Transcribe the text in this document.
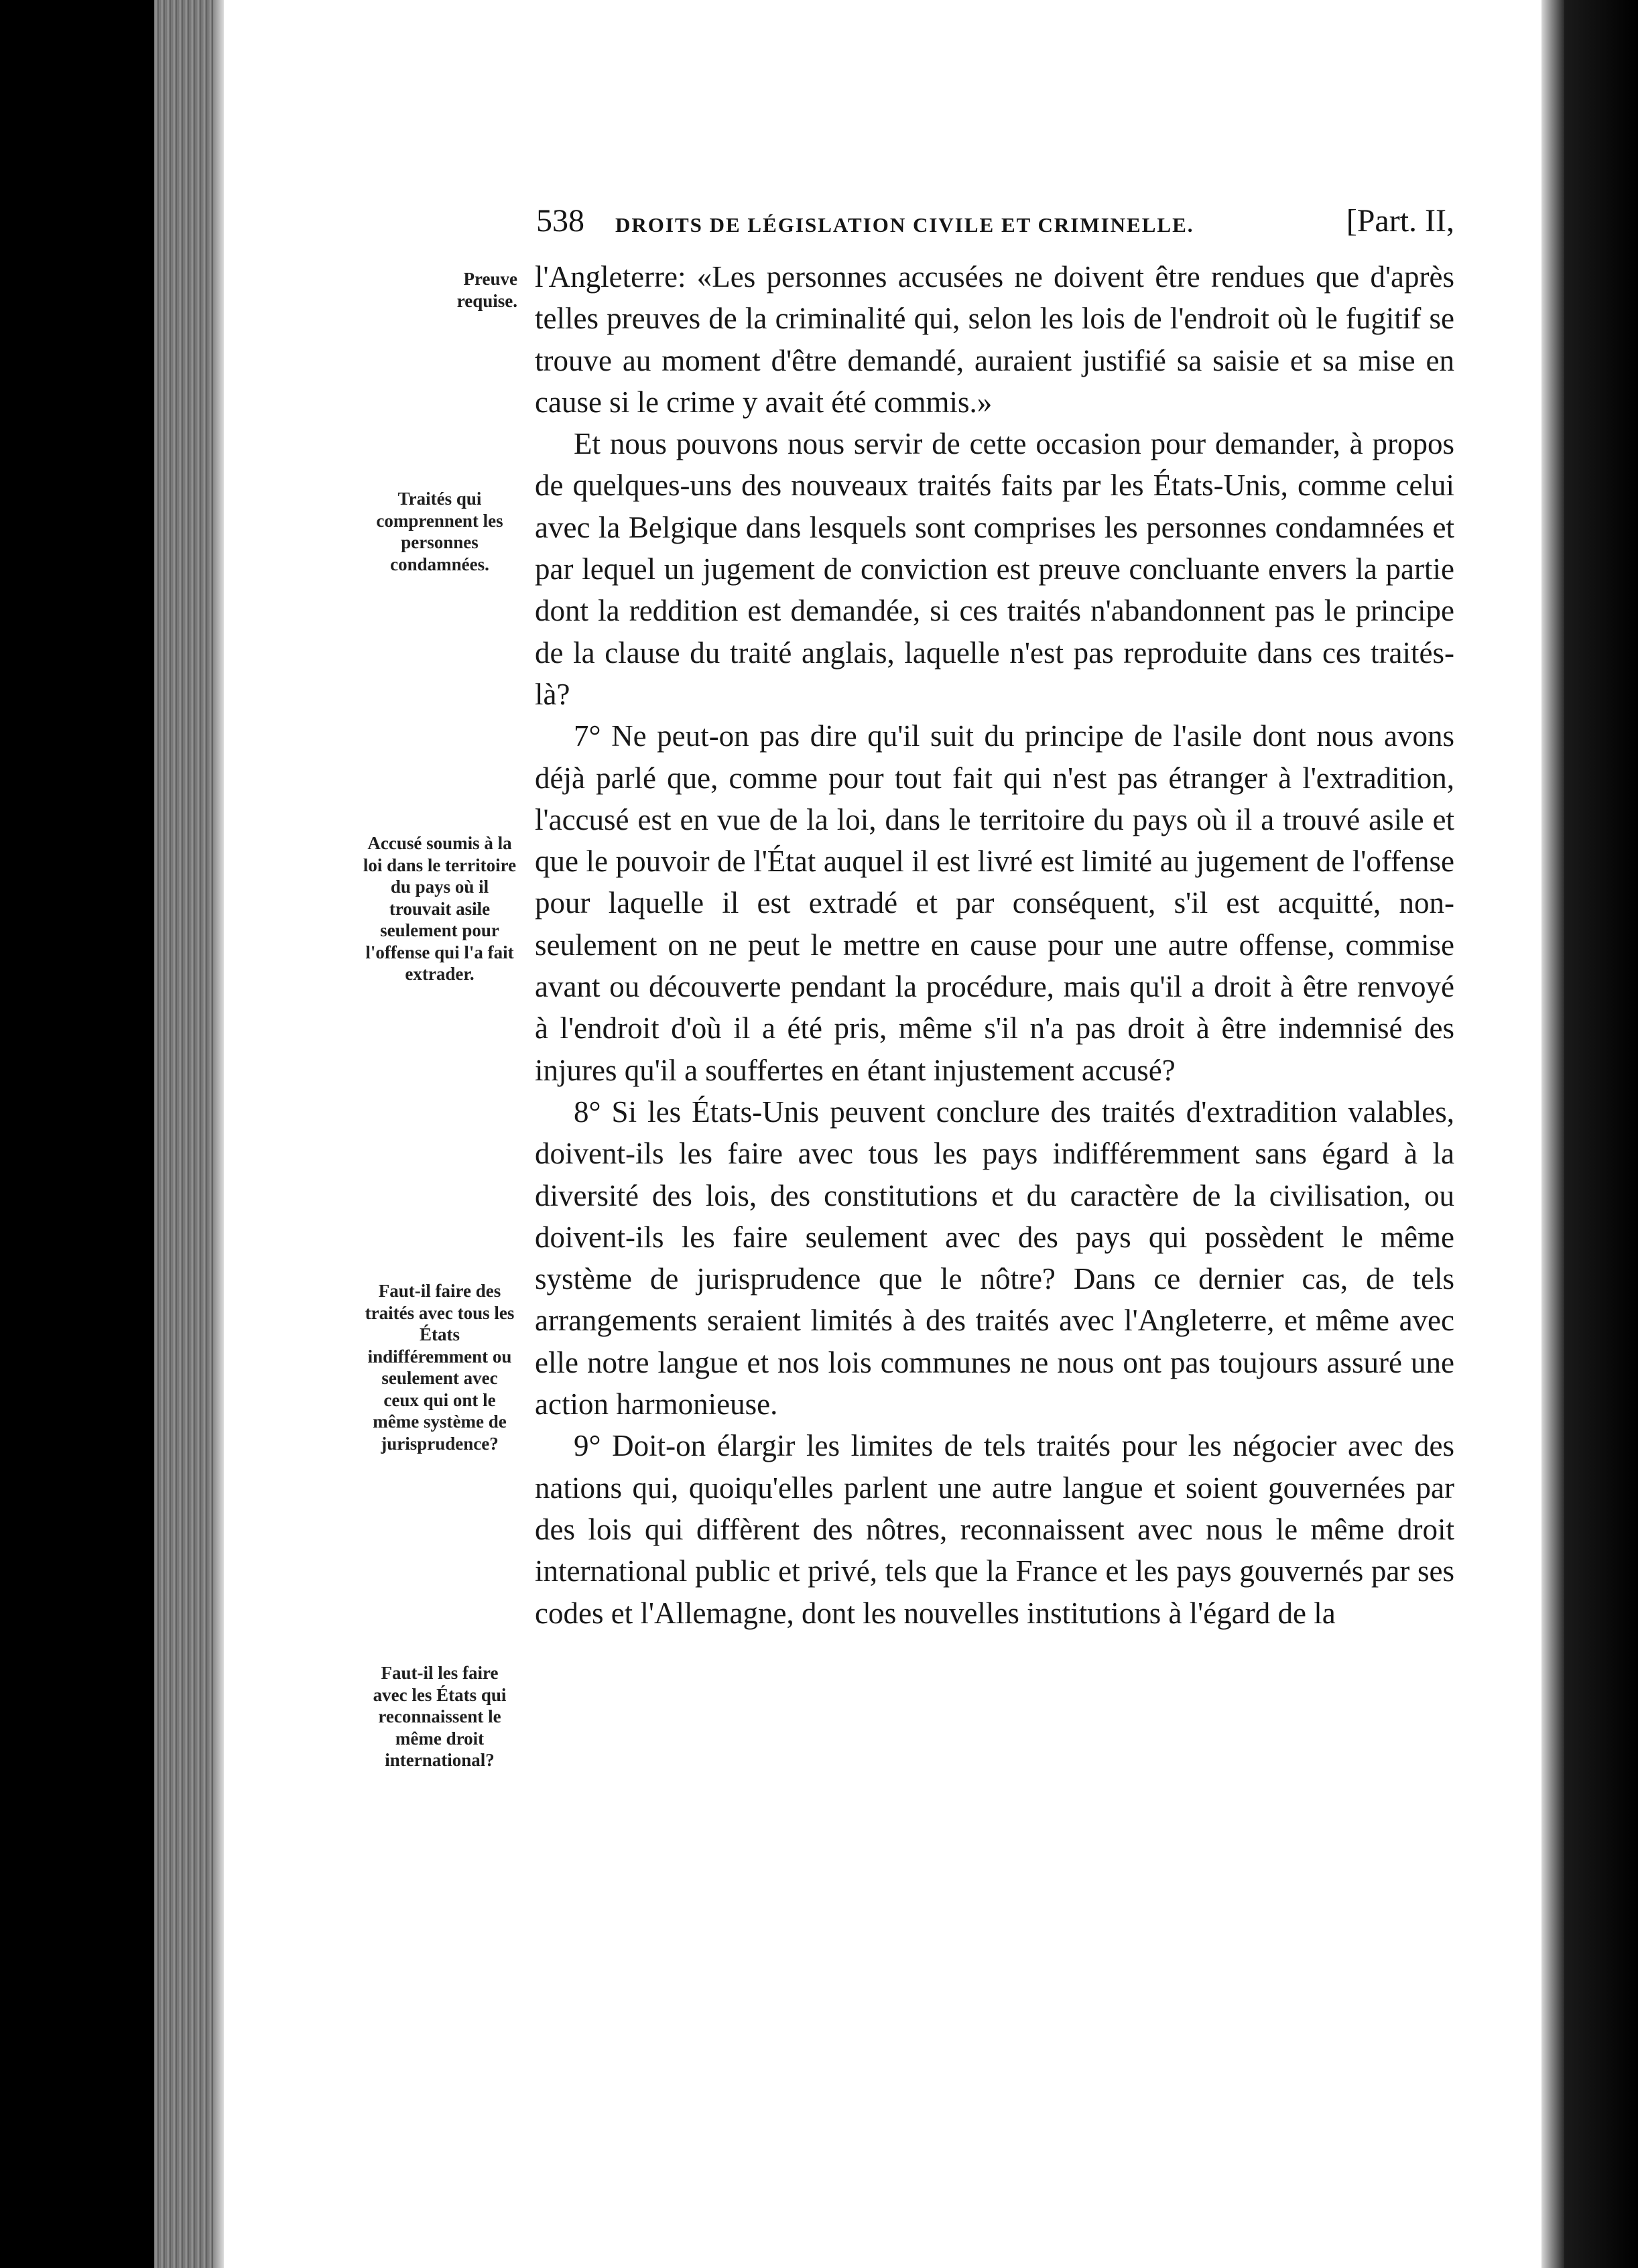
538 DROITS DE LÉGISLATION CIVILE ET CRIMINELLE.	[Part. II,
Preuve requise.
Traités qui comprennent les personnes condamnées.
Accusé soumis à la loi dans le territoire du pays où il trouvait asile seulement pour l'offense qui l'a fait extrader.
Faut-il faire des traités avec tous les États indifféremment ou seulement avec ceux qui ont le même système de jurisprudence?
Faut-il les faire avec les États qui reconnaissent le même droit international?

l'Angleterre: «Les personnes accusées ne doivent être rendues que d'après telles preuves de la criminalité qui, selon les lois de l'endroit où le fugitif se trouve au moment d'être demandé, auraient justifié sa saisie et sa mise en cause si le crime y avait été commis.»

Et nous pouvons nous servir de cette occasion pour demander, à propos de quelques-uns des nouveaux traités faits par les États-Unis, comme celui avec la Belgique dans lesquels sont comprises les personnes condamnées et par lequel un jugement de conviction est preuve concluante envers la partie dont la reddition est demandée, si ces traités n'abandonnent pas le principe de la clause du traité anglais, laquelle n'est pas reproduite dans ces traités-là?

7° Ne peut-on pas dire qu'il suit du principe de l'asile dont nous avons déjà parlé que, comme pour tout fait qui n'est pas étranger à l'extradition, l'accusé est en vue de la loi, dans le territoire du pays où il a trouvé asile et que le pouvoir de l'État auquel il est livré est limité au jugement de l'offense pour laquelle il est extradé et par conséquent, s'il est acquitté, non-seulement on ne peut le mettre en cause pour une autre offense, commise avant ou découverte pendant la procédure, mais qu'il a droit à être renvoyé à l'endroit d'où il a été pris, même s'il n'a pas droit à être indemnisé des injures qu'il a souffertes en étant injustement accusé?

8° Si les États-Unis peuvent conclure des traités d'extradition valables, doivent-ils les faire avec tous les pays indifféremment sans égard à la diversité des lois, des constitutions et du caractère de la civilisation, ou doivent-ils les faire seulement avec des pays qui possèdent le même système de jurisprudence que le nôtre? Dans ce dernier cas, de tels arrangements seraient limités à des traités avec l'Angleterre, et même avec elle notre langue et nos lois communes ne nous ont pas toujours assuré une action harmonieuse.

9° Doit-on élargir les limites de tels traités pour les négocier avec des nations qui, quoiqu'elles parlent une autre langue et soient gouvernées par des lois qui diffèrent des nôtres, reconnaissent avec nous le même droit international public et privé, tels que la France et les pays gouvernés par ses codes et l'Allemagne, dont les nouvelles institutions à l'égard de la
